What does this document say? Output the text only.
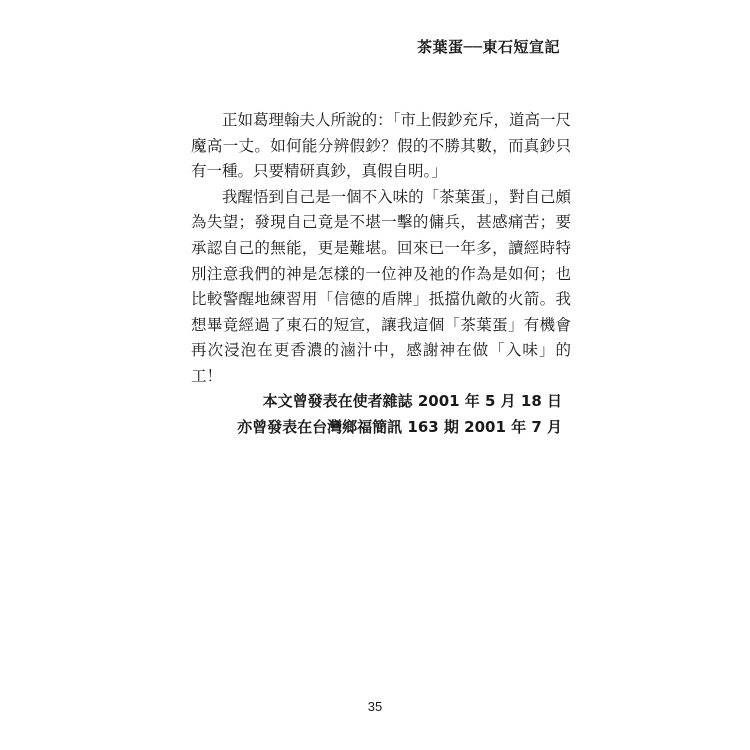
茶葉蛋──東石短宣記

正如葛理翰夫人所說的：「市上假鈔充斥，道高一尺魔高一丈。如何能分辨假鈔？假的不勝其數，而真鈔只有一種。只要精研真鈔，真假自明。」

我醒悟到自己是一個不入味的「茶葉蛋」，對自己頗為失望；發現自己竟是不堪一擊的傭兵，甚感痛苦；要承認自己的無能，更是難堪。回來已一年多，讀經時特別注意我們的神是怎樣的一位神及祂的作為是如何；也比較警醒地練習用「信德的盾牌」抵擋仇敵的火箭。我想畢竟經過了東石的短宣，讓我這個「茶葉蛋」有機會再次浸泡在更香濃的滷汁中，感謝神在做「入味」的工！

本文曾發表在使者雜誌 2001 年 5 月 18 日
亦曾發表在台灣鄉福簡訊 163 期 2001 年 7 月
35
